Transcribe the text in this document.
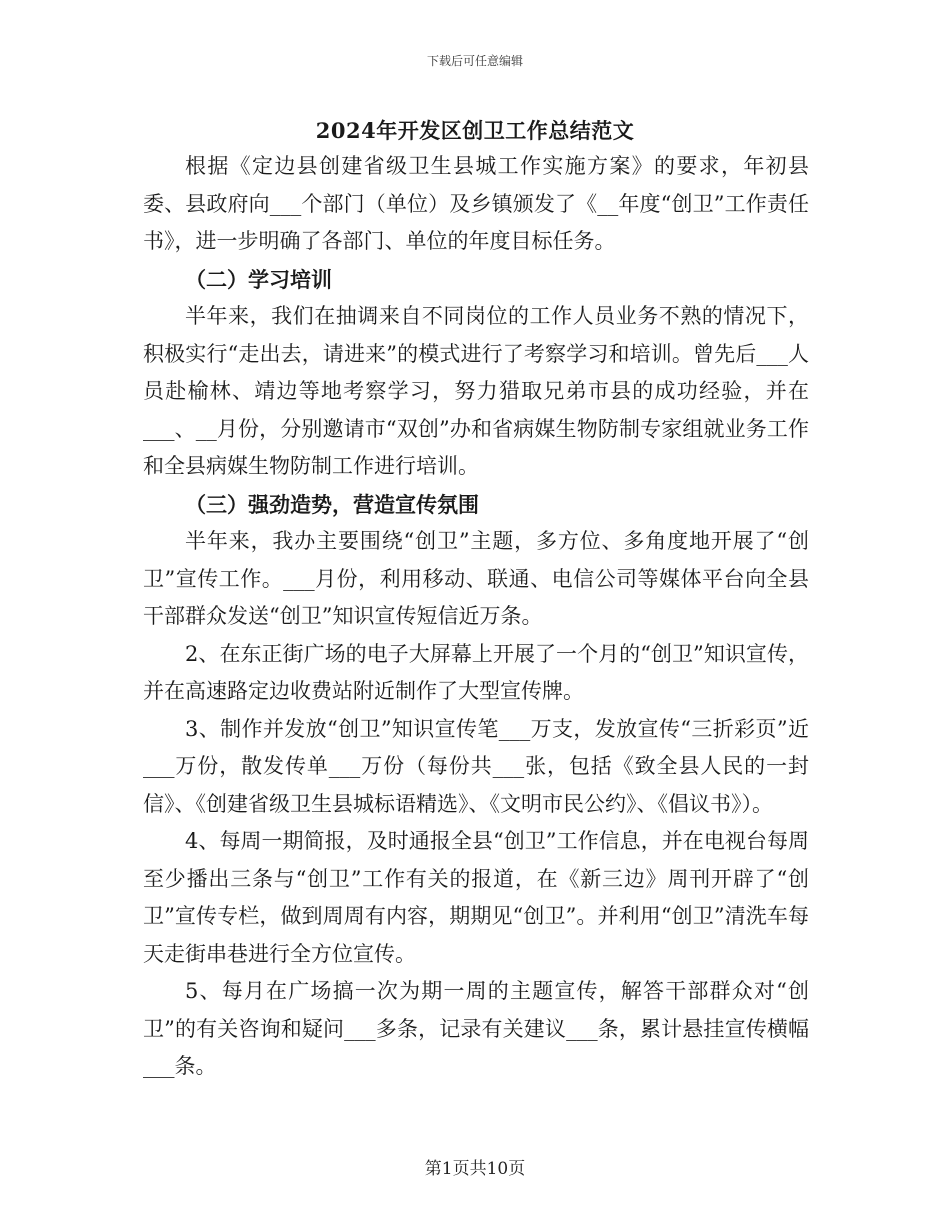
下载后可任意编辑
2024年开发区创卫工作总结范文

根据《定边县创建省级卫生县城工作实施方案》的要求，年初县委、县政府向___个部门（单位）及乡镇颁发了《__年度“创卫”工作责任书》，进一步明确了各部门、单位的年度目标任务。

（二）学习培训

半年来，我们在抽调来自不同岗位的工作人员业务不熟的情况下，积极实行“走出去，请进来”的模式进行了考察学习和培训。曾先后___人员赴榆林、靖边等地考察学习，努力猎取兄弟市县的成功经验，并在___、__月份，分别邀请市“双创”办和省病媒生物防制专家组就业务工作和全县病媒生物防制工作进行培训。

（三）强劲造势，营造宣传氛围

半年来，我办主要围绕“创卫”主题，多方位、多角度地开展了“创卫”宣传工作。___月份，利用移动、联通、电信公司等媒体平台向全县干部群众发送“创卫”知识宣传短信近万条。

2、在东正街广场的电子大屏幕上开展了一个月的“创卫”知识宣传，并在高速路定边收费站附近制作了大型宣传牌。

3、制作并发放“创卫”知识宣传笔___万支，发放宣传“三折彩页”近___万份，散发传单___万份（每份共___张，包括《致全县人民的一封信》、《创建省级卫生县城标语精选》、《文明市民公约》、《倡议书》）。

4、每周一期简报，及时通报全县“创卫”工作信息，并在电视台每周至少播出三条与“创卫”工作有关的报道，在《新三边》周刊开辟了“创卫”宣传专栏，做到周周有内容，期期见“创卫”。并利用“创卫”清洗车每天走街串巷进行全方位宣传。

5、每月在广场搞一次为期一周的主题宣传，解答干部群众对“创卫”的有关咨询和疑问___多条，记录有关建议___条，累计悬挂宣传横幅___条。

第1页共10页
